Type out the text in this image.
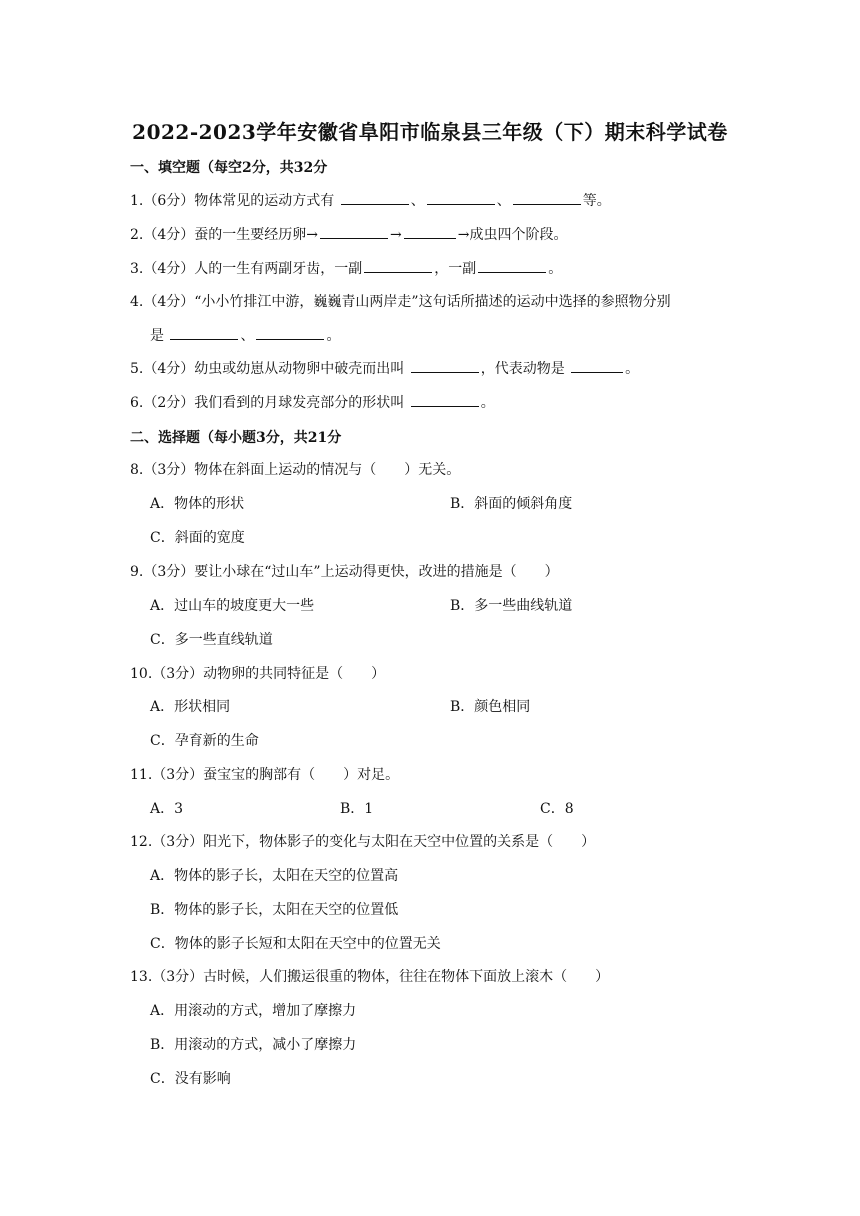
2022-2023学年安徽省阜阳市临泉县三年级（下）期末科学试卷
一、填空题（每空2分，共32分
1.（6分）物体常见的运动方式有	、	、	等。
2.（4分）蚕的一生要经历卵→	→	→成虫四个阶段。
3.（4分）人的一生有两副牙齿，一副	，一副	。
4.（4分）“小小竹排江中游，巍巍青山两岸走”这句话所描述的运动中选择的参照物分别
是	、	。
5.（4分）幼虫或幼崽从动物卵中破壳而出叫	，代表动物是	。
6.（2分）我们看到的月球发亮部分的形状叫	。
二、选择题（每小题3分，共21分
8.（3分）物体在斜面上运动的情况与（　　）无关。
A．物体的形状	B．斜面的倾斜角度
C．斜面的宽度
9.（3分）要让小球在“过山车”上运动得更快，改进的措施是（　　）
A．过山车的坡度更大一些	B．多一些曲线轨道
C．多一些直线轨道
10.（3分）动物卵的共同特征是（　　）
A．形状相同	B．颜色相同
C．孕育新的生命
11.（3分）蚕宝宝的胸部有（　　）对足。
A．3	B．1	C．8
12.（3分）阳光下，物体影子的变化与太阳在天空中位置的关系是（　　）
A．物体的影子长，太阳在天空的位置高
B．物体的影子长，太阳在天空的位置低
C．物体的影子长短和太阳在天空中的位置无关
13.（3分）古时候，人们搬运很重的物体，往往在物体下面放上滚木（　　）
A．用滚动的方式，增加了摩擦力
B．用滚动的方式，减小了摩擦力
C．没有影响
